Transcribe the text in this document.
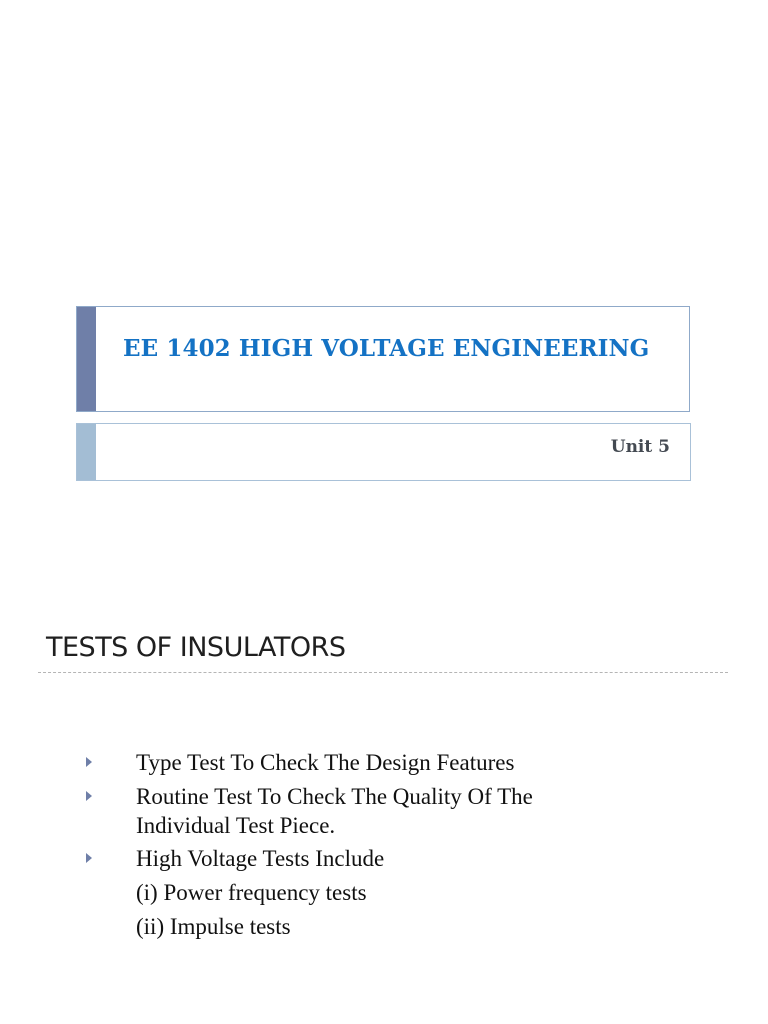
EE 1402 HIGH VOLTAGE ENGINEERING
Unit 5
TESTS OF INSULATORS
Type Test To Check The Design Features
Routine Test To Check The Quality Of The
Individual Test Piece.
High Voltage Tests Include
(i) Power frequency tests
(ii) Impulse tests
